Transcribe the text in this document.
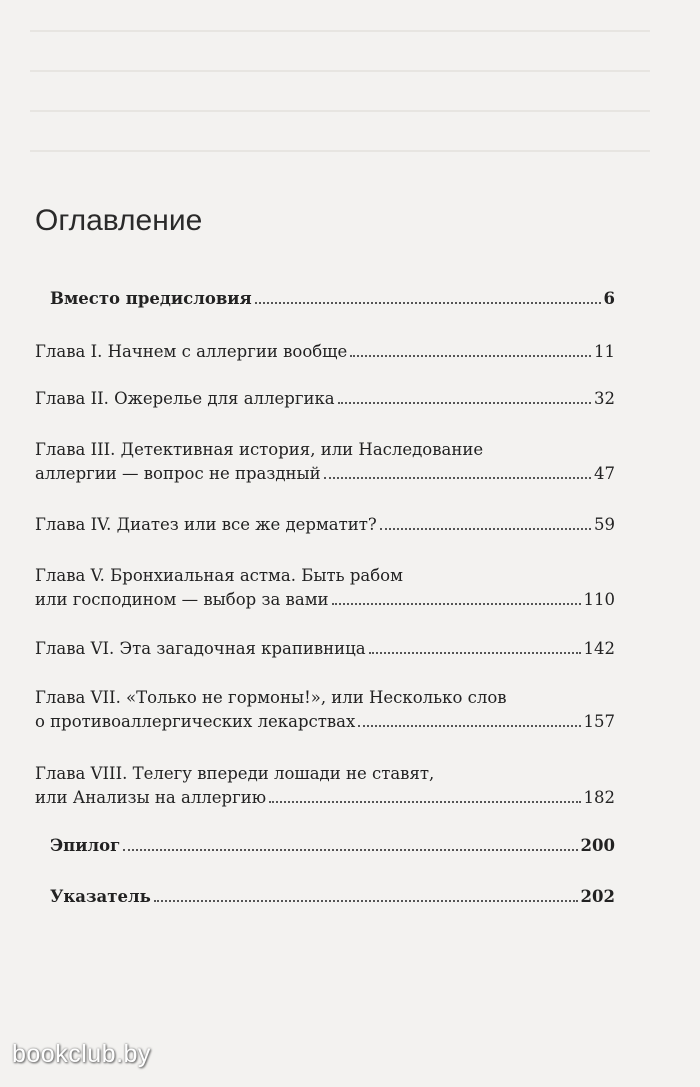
Оглавление
Вместо предисловия	6
Глава I. Начнем с аллергии вообще	11
Глава II. Ожерелье для аллергика	32
Глава III. Детективная история, или Наследование
аллергии — вопрос не праздный	47
Глава IV. Диатез или все же дерматит?	59
Глава V. Бронхиальная астма. Быть рабом
или господином — выбор за вами	110
Глава VI. Эта загадочная крапивница	142
Глава VII. «Только не гормоны!», или Несколько слов
о противоаллергических лекарствах	157
Глава VIII. Телегу впереди лошади не ставят,
или Анализы на аллергию	182
Эпилог	200
Указатель	202
bookclub.by
